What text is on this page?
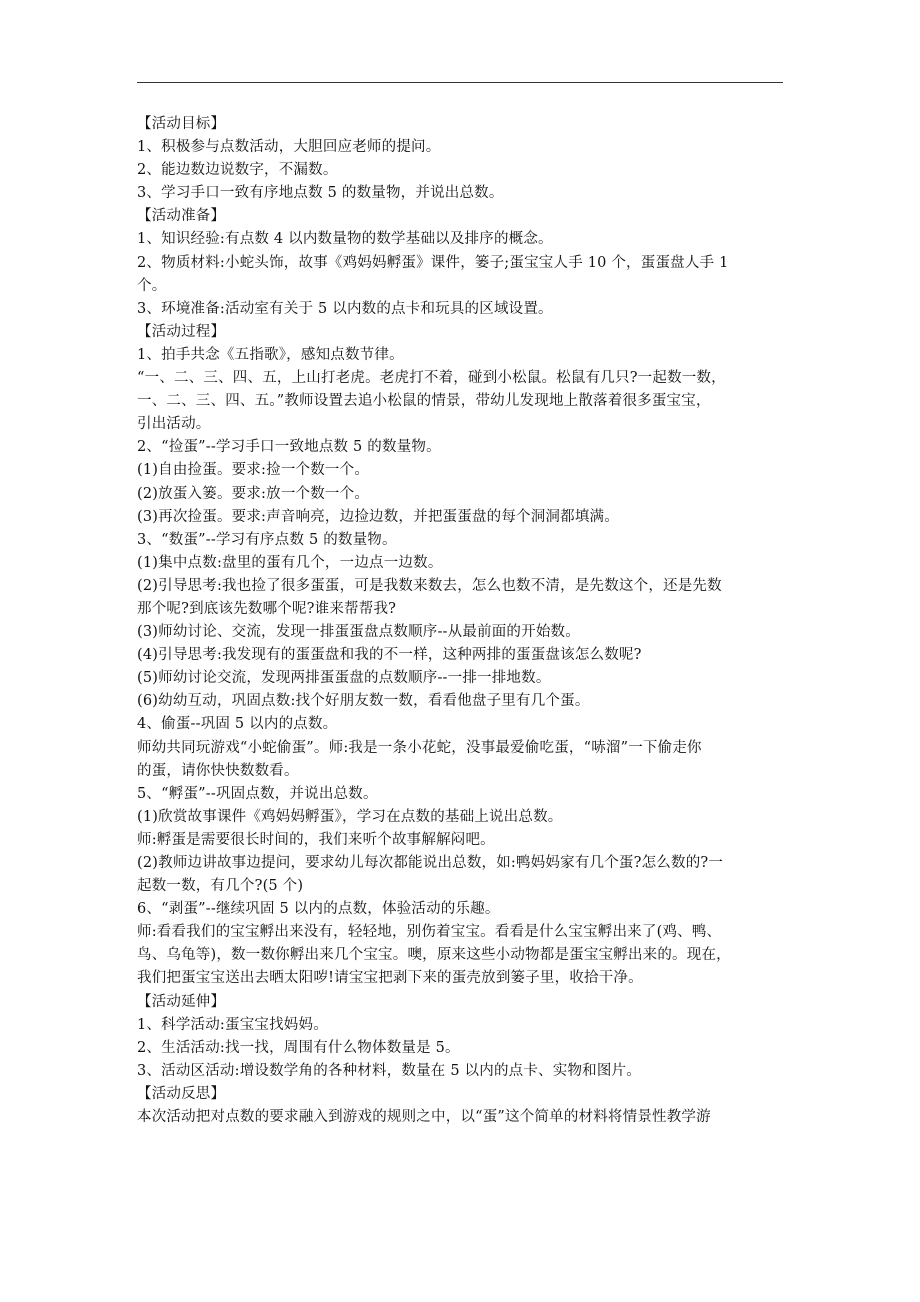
【活动目标】
1、积极参与点数活动，大胆回应老师的提问。
2、能边数边说数字，不漏数。
3、学习手口一致有序地点数 5 的数量物，并说出总数。
【活动准备】
1、知识经验:有点数 4 以内数量物的数学基础以及排序的概念。
2、物质材料:小蛇头饰，故事《鸡妈妈孵蛋》课件，篓子;蛋宝宝人手 10 个，蛋蛋盘人手 1
个。
3、环境准备:活动室有关于 5 以内数的点卡和玩具的区域设置。
【活动过程】
1、拍手共念《五指歌》，感知点数节律。
“一、二、三、四、五，上山打老虎。老虎打不着，碰到小松鼠。松鼠有几只?一起数一数，
一、二、三、四、五。”教师设置去追小松鼠的情景，带幼儿发现地上散落着很多蛋宝宝，
引出活动。
2、“捡蛋”--学习手口一致地点数 5 的数量物。
(1)自由捡蛋。要求:捡一个数一个。
(2)放蛋入篓。要求:放一个数一个。
(3)再次捡蛋。要求:声音响亮，边捡边数，并把蛋蛋盘的每个洞洞都填满。
3、“数蛋”--学习有序点数 5 的数量物。
(1)集中点数:盘里的蛋有几个，一边点一边数。
(2)引导思考:我也捡了很多蛋蛋，可是我数来数去，怎么也数不清，是先数这个，还是先数
那个呢?到底该先数哪个呢?谁来帮帮我?
(3)师幼讨论、交流，发现一排蛋蛋盘点数顺序--从最前面的开始数。
(4)引导思考:我发现有的蛋蛋盘和我的不一样，这种两排的蛋蛋盘该怎么数呢?
(5)师幼讨论交流，发现两排蛋蛋盘的点数顺序--一排一排地数。
(6)幼幼互动，巩固点数:找个好朋友数一数，看看他盘子里有几个蛋。
4、偷蛋--巩固 5 以内的点数。
师幼共同玩游戏“小蛇偷蛋”。师:我是一条小花蛇，没事最爱偷吃蛋，“哧溜”一下偷走你
的蛋，请你快快数数看。
5、“孵蛋”--巩固点数，并说出总数。
(1)欣赏故事课件《鸡妈妈孵蛋》，学习在点数的基础上说出总数。
师:孵蛋是需要很长时间的，我们来听个故事解解闷吧。
(2)教师边讲故事边提问，要求幼儿每次都能说出总数，如:鸭妈妈家有几个蛋?怎么数的?一
起数一数，有几个?(5 个)
6、“剥蛋”--继续巩固 5 以内的点数，体验活动的乐趣。
师:看看我们的宝宝孵出来没有，轻轻地，别伤着宝宝。看看是什么宝宝孵出来了(鸡、鸭、
鸟、乌龟等)，数一数你孵出来几个宝宝。噢，原来这些小动物都是蛋宝宝孵出来的。现在，
我们把蛋宝宝送出去晒太阳哕!请宝宝把剥下来的蛋壳放到篓子里，收拾干净。
【活动延伸】
1、科学活动:蛋宝宝找妈妈。
2、生活活动:找一找，周围有什么物体数量是 5。
3、活动区活动:增设数学角的各种材料，数量在 5 以内的点卡、实物和图片。
【活动反思】
本次活动把对点数的要求融入到游戏的规则之中，以“蛋”这个简单的材料将情景性教学游
